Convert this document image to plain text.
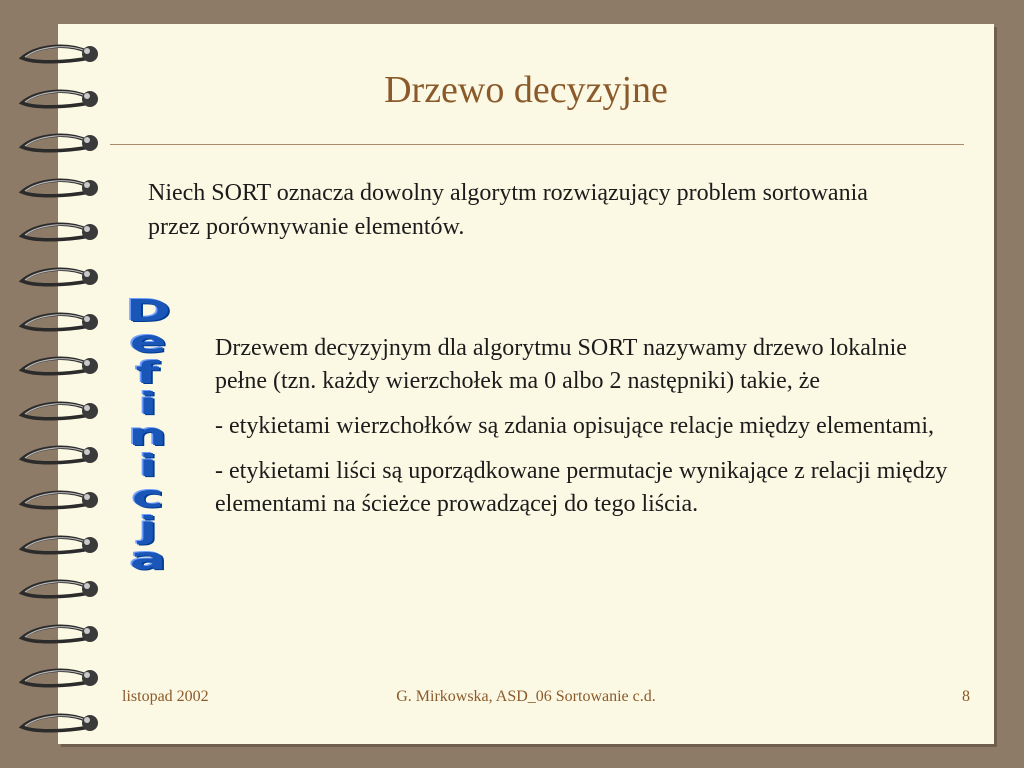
Drzewo decyzyjne
Niech SORT oznacza dowolny algorytm rozwiązujący problem sortowania przez porównywanie elementów.
D
e
f
i
n
i
c
j
a

Drzewem decyzyjnym dla algorytmu SORT nazywamy drzewo lokalnie pełne (tzn. każdy wierzchołek ma 0 albo 2 następniki) takie, że

- etykietami wierzchołków są zdania opisujące relacje między elementami,

- etykietami liści są uporządkowane permutacje wynikające z relacji między elementami na ścieżce prowadzącej do tego liścia.

listopad 2002	G. Mirkowska, ASD_06 Sortowanie c.d.	8
